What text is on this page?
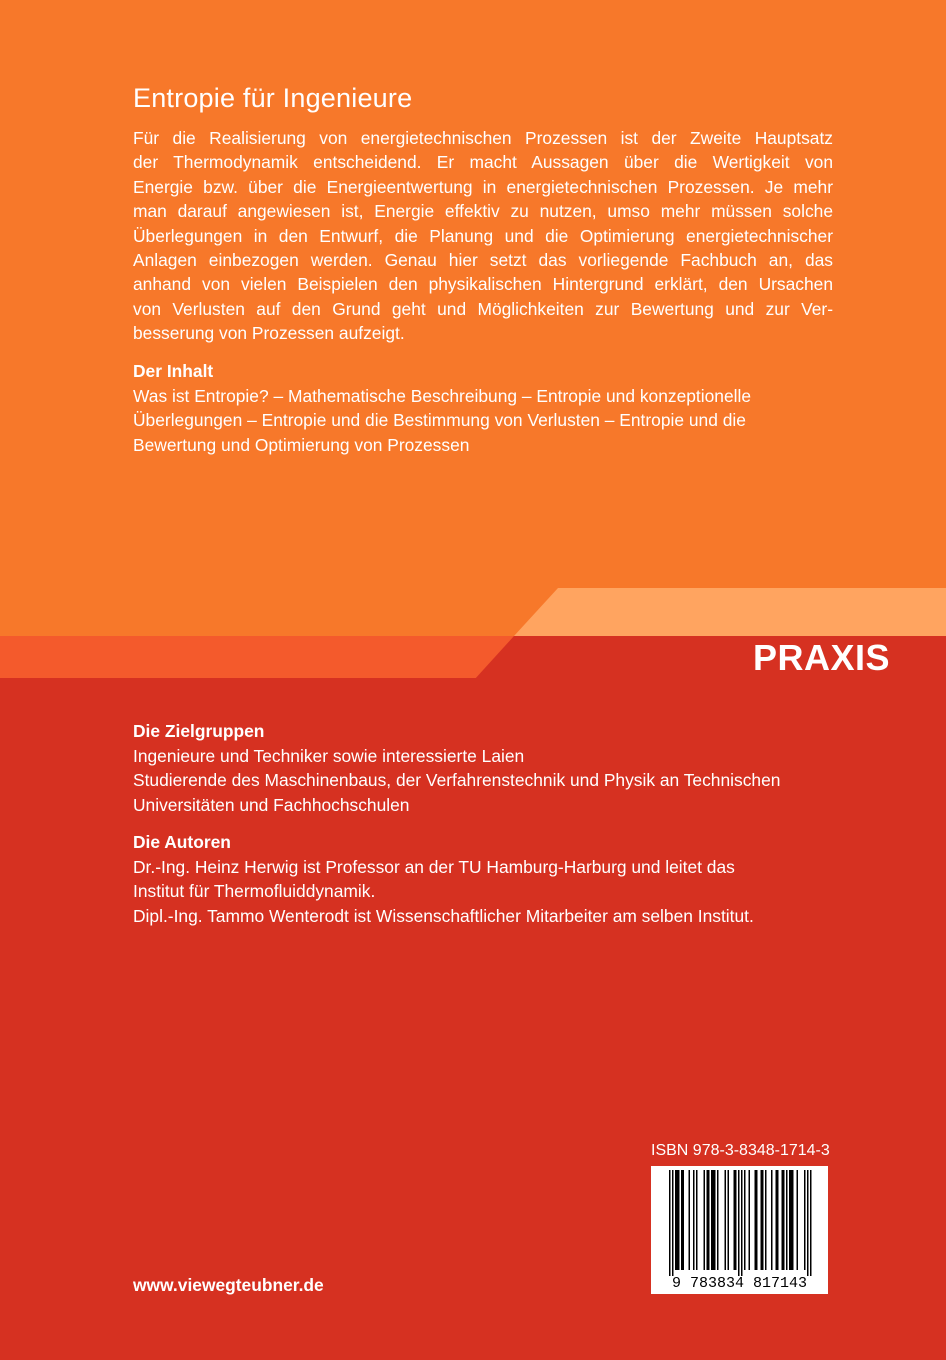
Entropie für Ingenieure

Für die Realisierung von energietechnischen Prozessen ist der Zweite Hauptsatz
der Thermodynamik entscheidend. Er macht Aussagen über die Wertigkeit von
Energie bzw. über die Energieentwertung in energietechnischen Prozessen. Je mehr
man darauf angewiesen ist, Energie effektiv zu nutzen, umso mehr müssen solche
Überlegungen in den Entwurf, die Planung und die Optimierung energietechnischer
Anlagen einbezogen werden. Genau hier setzt das vorliegende Fachbuch an, das
anhand von vielen Beispielen den physikalischen Hintergrund erklärt, den Ursachen
von Verlusten auf den Grund geht und Möglichkeiten zur Bewertung und zur Ver-
besserung von Prozessen aufzeigt.

Der Inhalt

Was ist Entropie? – Mathematische Beschreibung – Entropie und konzeptionelle
Überlegungen – Entropie und die Bestimmung von Verlusten – Entropie und die
Bewertung und Optimierung von Prozessen

PRAXIS
Die Zielgruppen

Ingenieure und Techniker sowie interessierte Laien
Studierende des Maschinenbaus, der Verfahrenstechnik und Physik an Technischen
Universitäten und Fachhochschulen

Die Autoren

Dr.-Ing. Heinz Herwig ist Professor an der TU Hamburg-Harburg und leitet das
Institut für Thermofluiddynamik.
Dipl.-Ing. Tammo Wenterodt ist Wissenschaftlicher Mitarbeiter am selben Institut.

ISBN 978-3-8348-1714-3
9 783834 817143
www.viewegteubner.de
